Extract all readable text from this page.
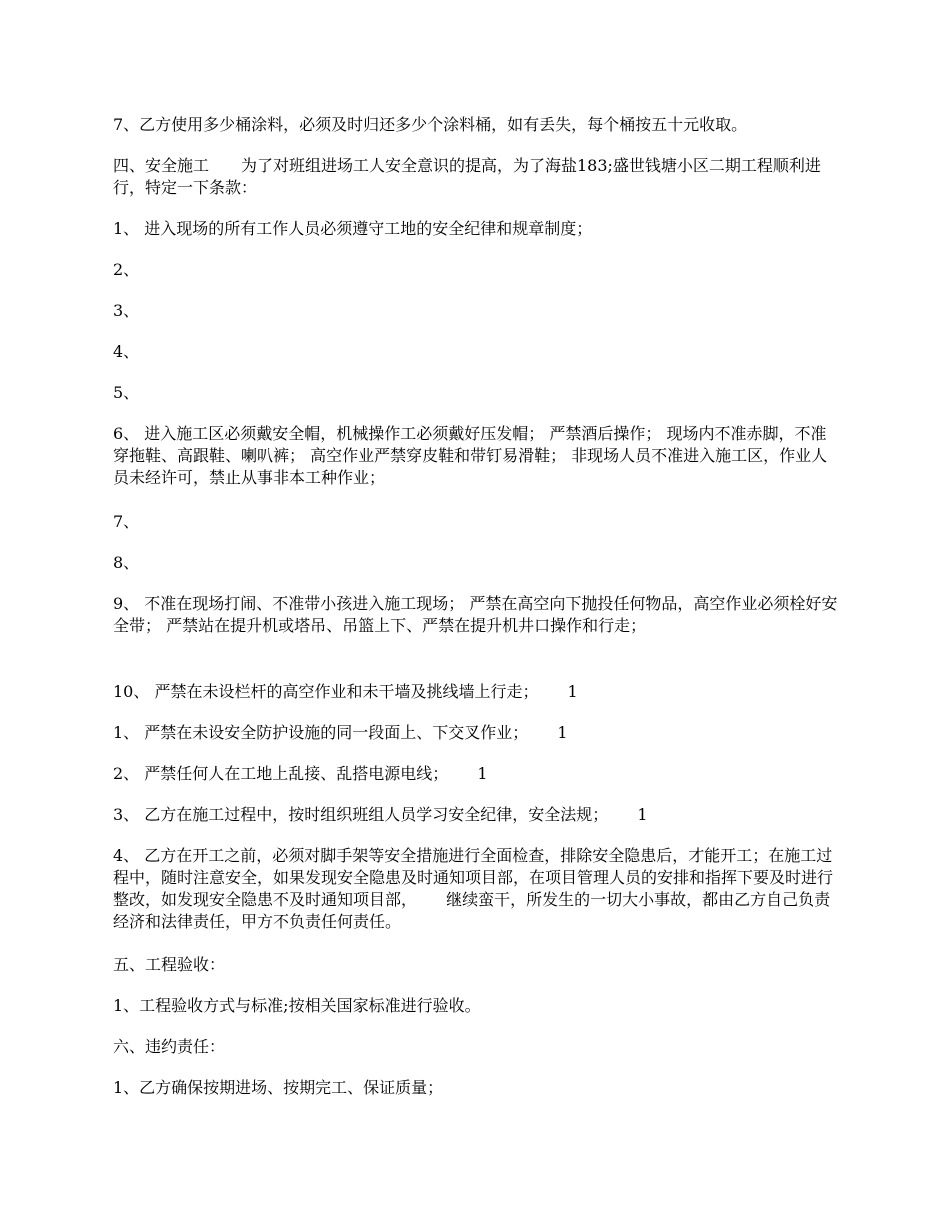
7、乙方使用多少桶涂料，必须及时归还多少个涂料桶，如有丢失，每个桶按五十元收取。

四、安全施工　　为了对班组进场工人安全意识的提高，为了海盐183;盛世钱塘小区二期工程顺利进行，特定一下条款：

1、 进入现场的所有工作人员必须遵守工地的安全纪律和规章制度；

2、

3、

4、

5、

6、 进入施工区必须戴安全帽，机械操作工必须戴好压发帽； 严禁酒后操作； 现场内不准赤脚，不准穿拖鞋、高跟鞋、喇叭裤； 高空作业严禁穿皮鞋和带钉易滑鞋； 非现场人员不准进入施工区，作业人员未经许可，禁止从事非本工种作业；

7、

8、

9、 不准在现场打闹、不准带小孩进入施工现场； 严禁在高空向下抛投任何物品，高空作业必须栓好安全带； 严禁站在提升机或塔吊、吊篮上下、严禁在提升机井口操作和行走；

10、 严禁在未设栏杆的高空作业和未干墙及挑线墙上行走；　　 1

1、 严禁在未设安全防护设施的同一段面上、下交叉作业；　　 1

2、 严禁任何人在工地上乱接、乱搭电源电线；　　 1

3、 乙方在施工过程中，按时组织班组人员学习安全纪律，安全法规；　　 1

4、 乙方在开工之前，必须对脚手架等安全措施进行全面检查，排除安全隐患后，才能开工；在施工过程中，随时注意安全，如果发现安全隐患及时通知项目部，在项目管理人员的安排和指挥下要及时进行整改，如发现安全隐患不及时通知项目部，　　 继续蛮干，所发生的一切大小事故，都由乙方自己负责经济和法律责任，甲方不负责任何责任。

五、工程验收：

1、工程验收方式与标准;按相关国家标准进行验收。

六、违约责任：

1、乙方确保按期进场、按期完工、保证质量；
